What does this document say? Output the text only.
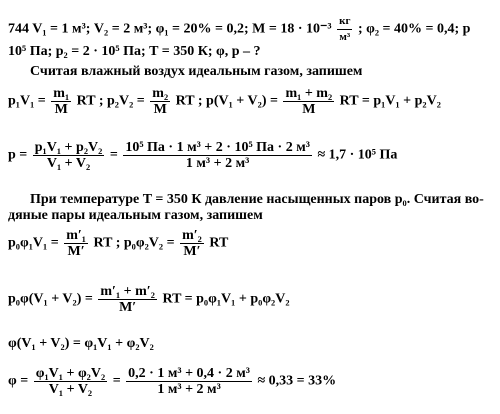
744 V₁ = 1 м³; V₂ = 2 м³; φ₁ = 20% = 0,2; $M = 18 \cdot 10^{-3} \frac{кг}{\text{м³}}$ ; φ₂ = 40% = 0,4; p
10⁵ Па; p₂ = 2 · 10⁵ Па; T = 350 К; φ, p – ?
Считая влажный воздух идеальным газом, запишем
$p_1V_1 = \frac{\text{m₁}}{M}$ RT ; $p_2V_2 = \frac{\text{m₂}}{M}$ RT ; $p(V_1 + V_2) = \frac{\text{m₁ + m₂}}{M}$ RT = p₁V₁ + p₂V₂
$p = \frac{\text{p₁V₁ + p₂V₂}}{\text{V₁ + V₂}} = \frac{\text{10⁵ Па · 1 м³ + 2 · 10⁵ Па · 2 м³}}{\text{1 м³ + 2 м³}} \approx 1,7 \cdot 10^5$ Па
При температуре T = 350 К давление насыщенных паров p₀. Считая во-
дяные пары идеальным газом, запишем
$p_0\varphi_1V_1 = \frac{\text{m′₁}}{M'}$ RT ; $p_0\varphi_2V_2 = \frac{\text{m′₂}}{M'}$ RT
$p_0\varphi(V_1 + V_2) = \frac{\text{m′₁ + m′₂}}{M'}$ RT = p₀φ₁V₁ + p₀φ₂V₂
φ(V₁ + V₂) = φ₁V₁ + φ₂V₂
$\varphi = \frac{\text{φ₁V₁ + φ₂V₂}}{\text{V₁ + V₂}} = \frac{\text{0,2 · 1 м³ + 0,4 · 2 м³}}{\text{1 м³ + 2 м³}} \approx 0,33 = 33\%$
